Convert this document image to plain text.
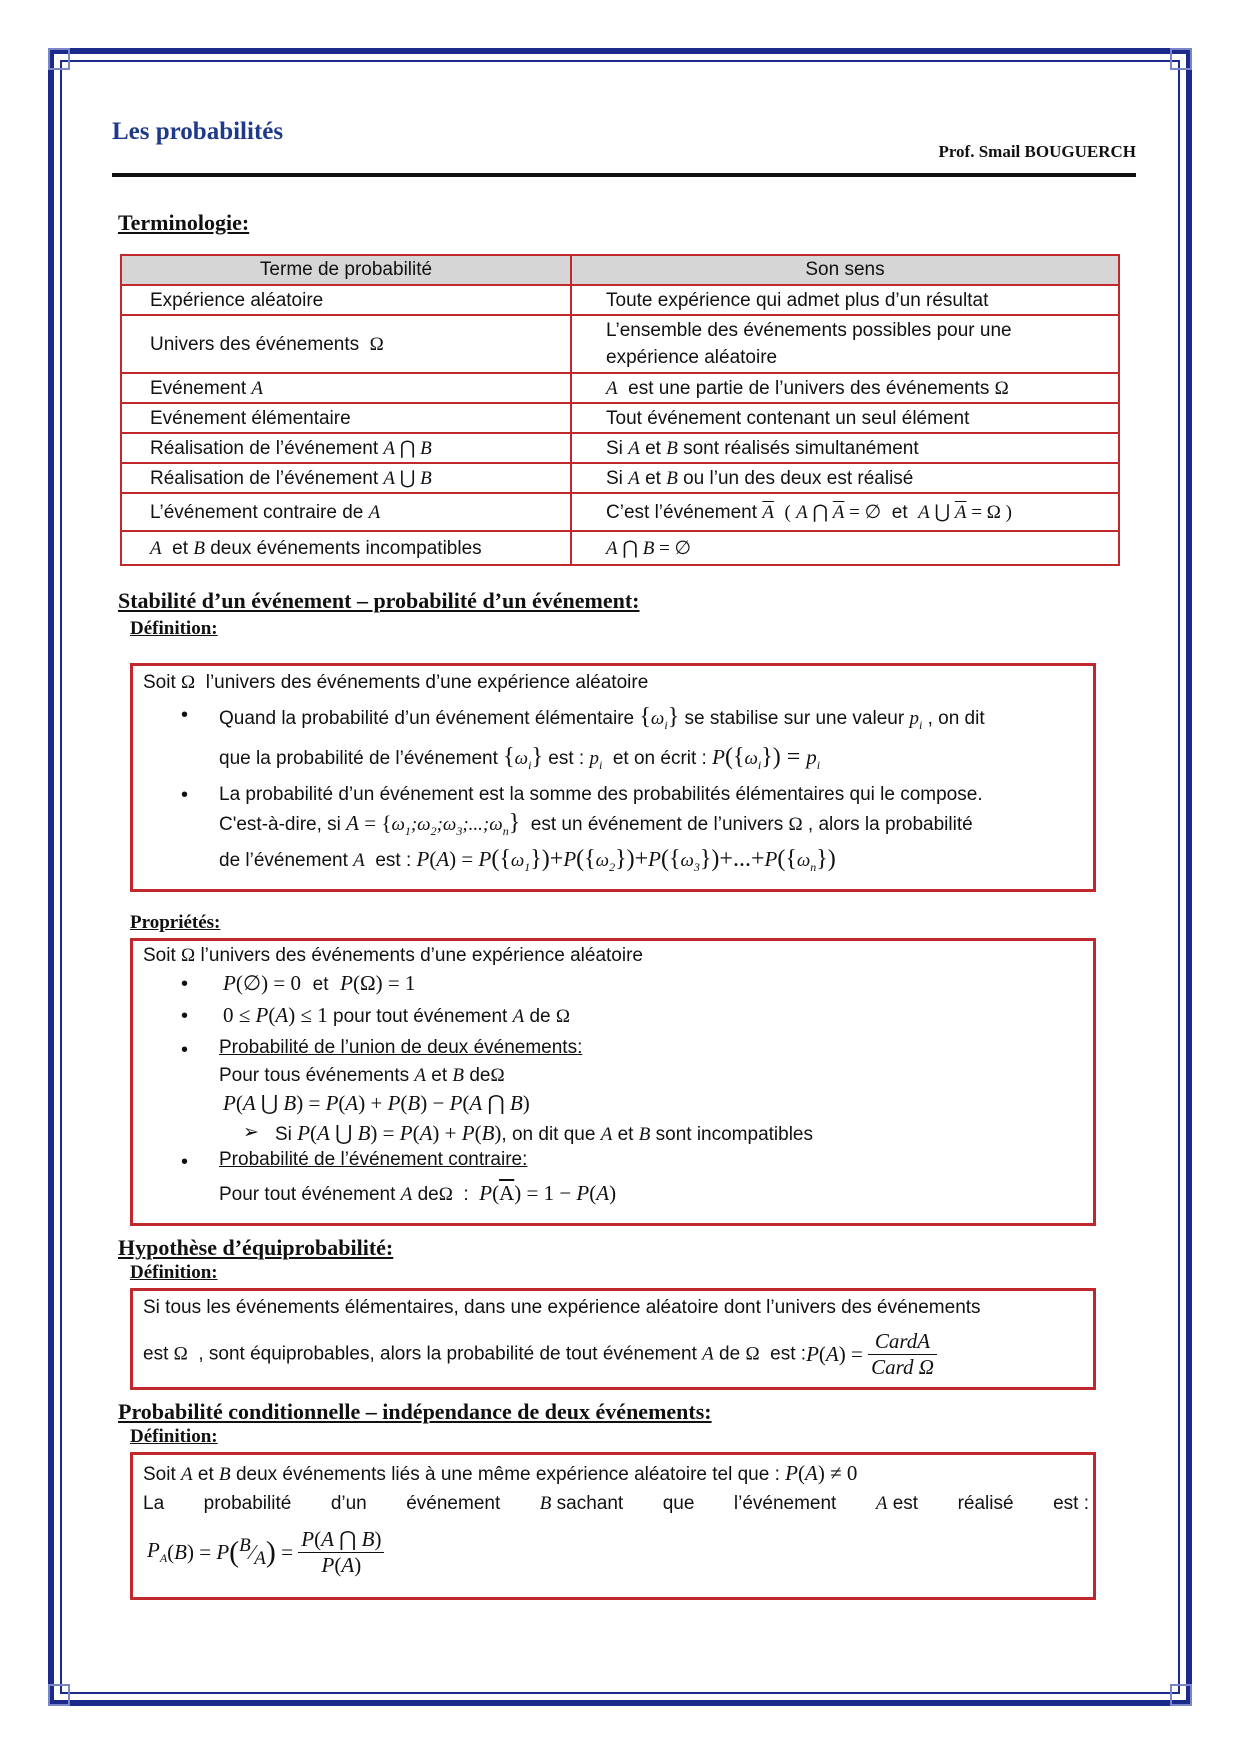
Les probabilités
Prof. Smail BOUGUERCH
Terminologie:
Terme de probabilité	Son sens
Expérience aléatoire	Toute expérience qui admet plus d’un résultat
Univers des événements Ω	L’ensemble des événements possibles pour une expérience aléatoire
Evénement A	A est une partie de l’univers des événements Ω
Evénement élémentaire	Tout événement contenant un seul élément
Réalisation de l’événement A ⋂ B	Si A et B sont réalisés simultanément
Réalisation de l’événement A ⋃ B	Si A et B ou l’un des deux est réalisé
L’événement contraire de A	C’est l’événement $\overline{A}$ ( A ⋂ $\overline{A}$ = ∅ et A ⋃ $\overline{A} = \Omega$ )
A et B deux événements incompatibles	A ⋂ B = ∅
Stabilité d’un événement – probabilité d’un événement:
Définition:
Soit Ω l’univers des événements d’une expérience aléatoire
• Quand la probabilité d’un événement élémentaire $\{\omega_i\}$ se stabilise sur une valeur $p_i$ , on dit
que la probabilité de l’événement $\{\omega_i\}$ est : $p_i$ et on écrit : $P(\{\omega_i\}) = p_i$
• La probabilité d’un événement est la somme des probabilités élémentaires qui le compose.
C'est-à-dire, si $A = \{\omega_1;\omega_2;\omega_3;...;\omega_n\}$ est un événement de l’univers Ω , alors la probabilité
de l’événement A est : $P(A) = P(\{\omega_1\})+P(\{\omega_2\})+P(\{\omega_3\})+...+P(\{\omega_n\})$
Propriétés:
Soit Ω l’univers des événements d’une expérience aléatoire
• P(∅) = 0 et P(Ω) = 1
• 0 ≤ P(A) ≤ 1 pour tout événement A de Ω
• Probabilité de l’union de deux événements:
Pour tous événements A et B deΩ
P(A ⋃ B) = P(A) + P(B) − P(A ⋂ B)
➢ Si P(A ⋃ B) = P(A) + P(B), on dit que A et B sont incompatibles
• Probabilité de l’événement contraire:
Pour tout événement A deΩ  :  $P(\overline{A}) = 1 - P(A)$
Hypothèse d’équiprobabilité:
Définition:
Si tous les événements élémentaires, dans une expérience aléatoire dont l’univers des événements
est Ω , sont équiprobables, alors la probabilité de tout événement A de Ω est :P(A) = $\frac{\text{CardA}}{\text{Card Ω}}$
Probabilité conditionnelle – indépendance de deux événements:
Définition:
Soit A et B deux événements liés à une même expérience aléatoire tel que : P(A) ≠ 0
La probabilité d’un événement B sachant que l’événement A est réalisé est :
$P_A(B)$ = $P(^B⁄_A) = \frac{P(A ⋂ B)}{P(A)}$
